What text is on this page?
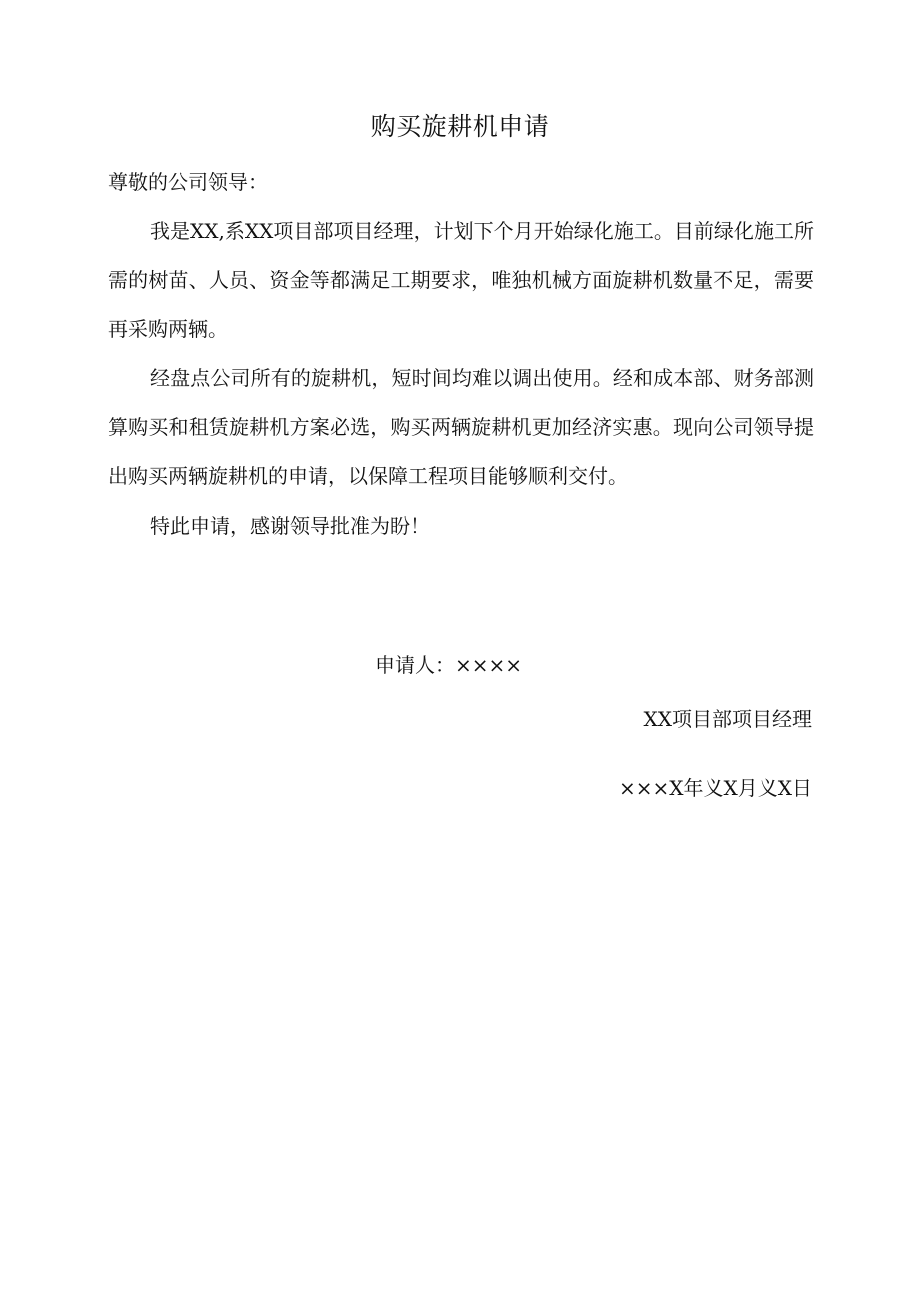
购买旋耕机申请
尊敬的公司领导：

我是XX,系XX项目部项目经理，计划下个月开始绿化施工。目前绿化施工所需的树苗、人员、资金等都满足工期要求，唯独机械方面旋耕机数量不足，需要再采购两辆。

经盘点公司所有的旋耕机，短时间均难以调出使用。经和成本部、财务部测算购买和租赁旋耕机方案必选，购买两辆旋耕机更加经济实惠。现向公司领导提出购买两辆旋耕机的申请，以保障工程项目能够顺利交付。

特此申请，感谢领导批准为盼！

申请人：××××
XX项目部项目经理
×××X年义X月义X日
